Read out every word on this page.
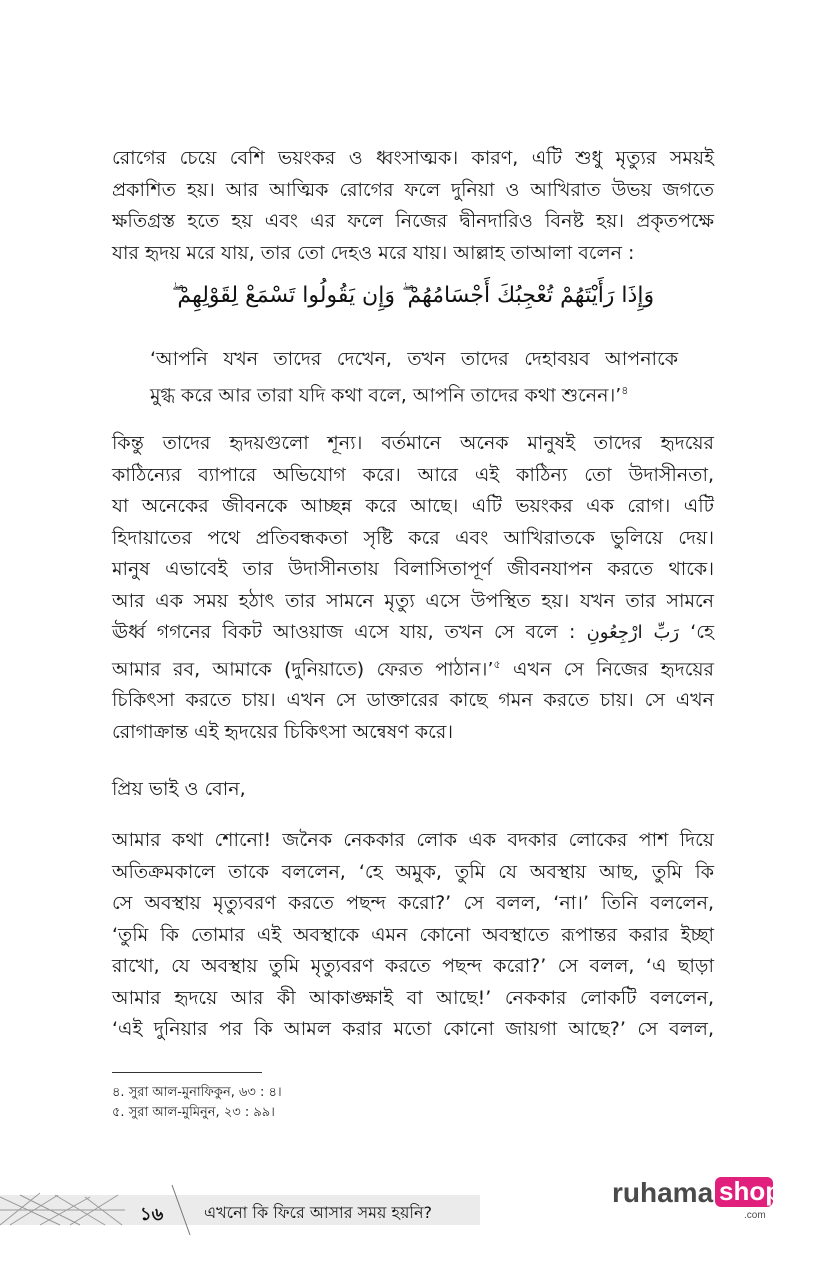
রোগের চেয়ে বেশি ভয়ংকর ও ধ্বংসাত্মক। কারণ, এটি শুধু মৃত্যুর সময়ই

প্রকাশিত হয়। আর আত্মিক রোগের ফলে দুনিয়া ও আখিরাত উভয় জগতে

ক্ষতিগ্রস্ত হতে হয় এবং এর ফলে নিজের দ্বীনদারিও বিনষ্ট হয়। প্রকৃতপক্ষে

যার হৃদয় মরে যায়, তার তো দেহও মরে যায়। আল্লাহ তাআলা বলেন :

وَإِذَا رَأَيْتَهُمْ تُعْجِبُكَ أَجْسَامُهُمْ ۖ وَإِن يَقُولُوا تَسْمَعْ لِقَوْلِهِمْ ۖ

‘আপনি যখন তাদের দেখেন, তখন তাদের দেহাবয়ব আপনাকে

মুগ্ধ করে আর তারা যদি কথা বলে, আপনি তাদের কথা শুনেন।’$^৪$

কিন্তু তাদের হৃদয়গুলো শূন্য। বর্তমানে অনেক মানুষই তাদের হৃদয়ের

কাঠিন্যের ব্যাপারে অভিযোগ করে। আরে এই কাঠিন্য তো উদাসীনতা,

যা অনেকের জীবনকে আচ্ছন্ন করে আছে। এটি ভয়ংকর এক রোগ। এটি

হিদায়াতের পথে প্রতিবন্ধকতা সৃষ্টি করে এবং আখিরাতকে ভুলিয়ে দেয়।

মানুষ এভাবেই তার উদাসীনতায় বিলাসিতাপূর্ণ জীবনযাপন করতে থাকে।

আর এক সময় হঠাৎ তার সামনে মৃত্যু এসে উপস্থিত হয়। যখন তার সামনে

ঊর্ধ্ব গগনের বিকট আওয়াজ এসে যায়, তখন সে বলে : رَبِّ ارْجِعُونِ ‘হে

আমার রব, আমাকে (দুনিয়াতে) ফেরত পাঠান।’$^৫$ এখন সে নিজের হৃদয়ের

চিকিৎসা করতে চায়। এখন সে ডাক্তারের কাছে গমন করতে চায়। সে এখন

রোগাক্রান্ত এই হৃদয়ের চিকিৎসা অন্বেষণ করে।

প্রিয় ভাই ও বোন,

আমার কথা শোনো! জনৈক নেককার লোক এক বদকার লোকের পাশ দিয়ে

অতিক্রমকালে তাকে বললেন, ‘হে অমুক, তুমি যে অবস্থায় আছ, তুমি কি

সে অবস্থায় মৃত্যুবরণ করতে পছন্দ করো?’ সে বলল, ‘না।’ তিনি বললেন,

‘তুমি কি তোমার এই অবস্থাকে এমন কোনো অবস্থাতে রূপান্তর করার ইচ্ছা

রাখো, যে অবস্থায় তুমি মৃত্যুবরণ করতে পছন্দ করো?’ সে বলল, ‘এ ছাড়া

আমার হৃদয়ে আর কী আকাঙ্ক্ষাই বা আছে!’ নেককার লোকটি বললেন,

‘এই দুনিয়ার পর কি আমল করার মতো কোনো জায়গা আছে?’ সে বলল,

৪. সুরা আল-মুনাফিকুন, ৬৩ : ৪।
৫. সুরা আল-মুমিনুন, ২৩ : ৯৯।
১৬	এখনো কি ফিরে আসার সময় হয়নি?
ruhama shop
.com
